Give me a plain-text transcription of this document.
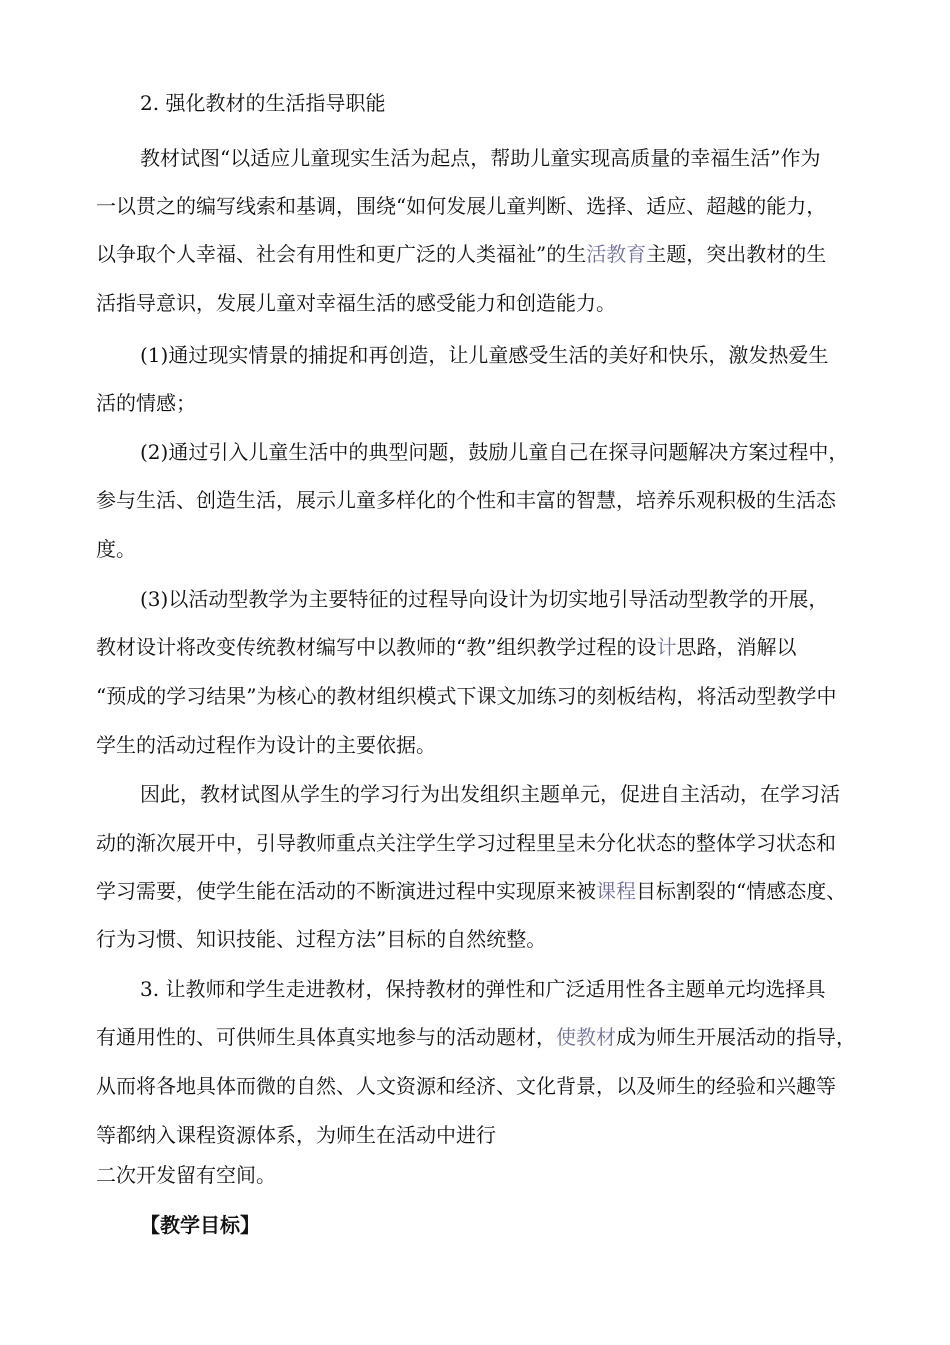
2. 强化教材的生活指导职能

教材试图“以适应儿童现实生活为起点，帮助儿童实现高质量的幸福生活”作为

一以贯之的编写线索和基调，围绕“如何发展儿童判断、选择、适应、超越的能力，

以争取个人幸福、社会有用性和更广泛的人类福祉”的生活教育主题，突出教材的生

活指导意识，发展儿童对幸福生活的感受能力和创造能力。

(1)通过现实情景的捕捉和再创造，让儿童感受生活的美好和快乐，激发热爱生

活的情感；

(2)通过引入儿童生活中的典型问题，鼓励儿童自己在探寻问题解决方案过程中，

参与生活、创造生活，展示儿童多样化的个性和丰富的智慧，培养乐观积极的生活态

度。

(3)以活动型教学为主要特征的过程导向设计为切实地引导活动型教学的开展，

教材设计将改变传统教材编写中以教师的“教”组织教学过程的设计思路，消解以

“预成的学习结果”为核心的教材组织模式下课文加练习的刻板结构，将活动型教学中

学生的活动过程作为设计的主要依据。

因此，教材试图从学生的学习行为出发组织主题单元，促进自主活动，在学习活

动的渐次展开中，引导教师重点关注学生学习过程里呈未分化状态的整体学习状态和

学习需要，使学生能在活动的不断演进过程中实现原来被课程目标割裂的“情感态度、

行为习惯、知识技能、过程方法”目标的自然统整。

3. 让教师和学生走进教材，保持教材的弹性和广泛适用性各主题单元均选择具

有通用性的、可供师生具体真实地参与的活动题材，使教材成为师生开展活动的指导，

从而将各地具体而微的自然、人文资源和经济、文化背景，以及师生的经验和兴趣等

等都纳入课程资源体系，为师生在活动中进行

二次开发留有空间。

【教学目标】
